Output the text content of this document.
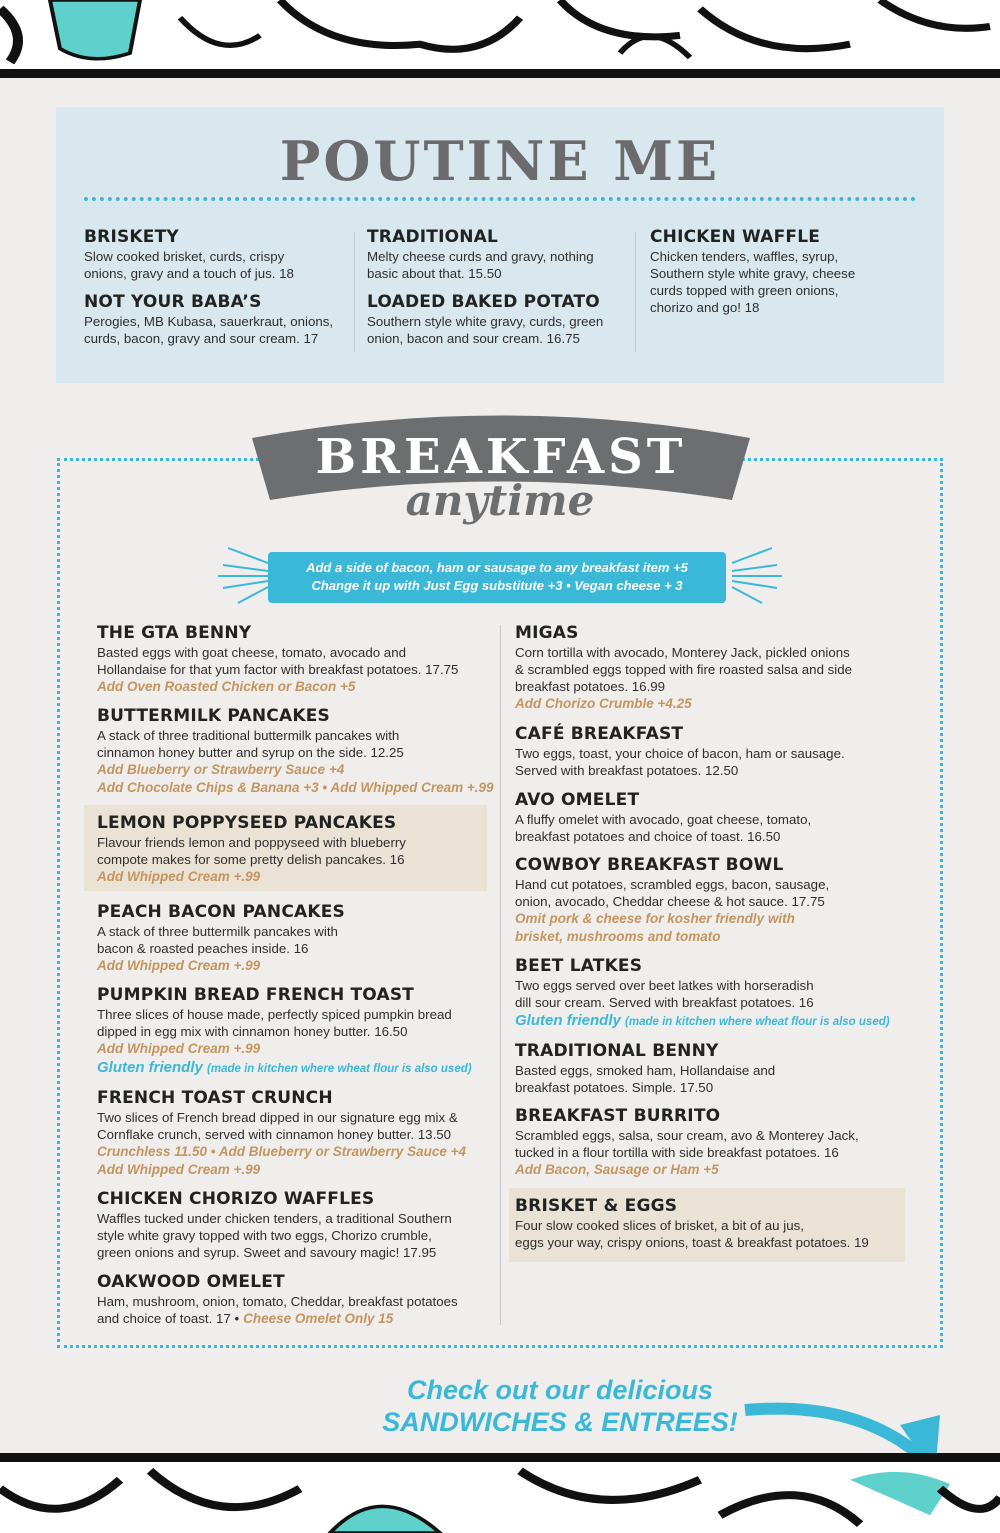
POUTINE ME
BRISKETY
Slow cooked brisket, curds, crispy
onions, gravy and a touch of jus. 18
NOT YOUR BABA’S
Perogies, MB Kubasa, sauerkraut, onions,
curds, bacon, gravy and sour cream. 17
TRADITIONAL
Melty cheese curds and gravy, nothing
basic about that. 15.50
LOADED BAKED POTATO
Southern style white gravy, curds, green
onion, bacon and sour cream. 16.75
CHICKEN WAFFLE
Chicken tenders, waffles, syrup,
Southern style white gravy, cheese
curds topped with green onions,
chorizo and go! 18
BREAKFAST
anytime
Add a side of bacon, ham or sausage to any breakfast item +5
Change it up with Just Egg substitute +3 • Vegan cheese + 3
THE GTA BENNY
Basted eggs with goat cheese, tomato, avocado and
Hollandaise for that yum factor with breakfast potatoes. 17.75
Add Oven Roasted Chicken or Bacon +5
BUTTERMILK PANCAKES
A stack of three traditional buttermilk pancakes with
cinnamon honey butter and syrup on the side. 12.25
Add Blueberry or Strawberry Sauce +4
Add Chocolate Chips & Banana +3 • Add Whipped Cream +.99
LEMON POPPYSEED PANCAKES
Flavour friends lemon and poppyseed with blueberry
compote makes for some pretty delish pancakes. 16
Add Whipped Cream +.99
PEACH BACON PANCAKES
A stack of three buttermilk pancakes with
bacon & roasted peaches inside. 16
Add Whipped Cream +.99
PUMPKIN BREAD FRENCH TOAST
Three slices of house made, perfectly spiced pumpkin bread
dipped in egg mix with cinnamon honey butter. 16.50
Add Whipped Cream +.99
Gluten friendly (made in kitchen where wheat flour is also used)
FRENCH TOAST CRUNCH
Two slices of French bread dipped in our signature egg mix &
Cornflake crunch, served with cinnamon honey butter. 13.50
Crunchless 11.50 • Add Blueberry or Strawberry Sauce +4
Add Whipped Cream +.99
CHICKEN CHORIZO WAFFLES
Waffles tucked under chicken tenders, a traditional Southern
style white gravy topped with two eggs, Chorizo crumble,
green onions and syrup. Sweet and savoury magic! 17.95
OAKWOOD OMELET
Ham, mushroom, onion, tomato, Cheddar, breakfast potatoes
and choice of toast. 17 • Cheese Omelet Only 15
MIGAS
Corn tortilla with avocado, Monterey Jack, pickled onions
& scrambled eggs topped with fire roasted salsa and side
breakfast potatoes. 16.99
Add Chorizo Crumble +4.25
CAFÉ BREAKFAST
Two eggs, toast, your choice of bacon, ham or sausage.
Served with breakfast potatoes. 12.50
AVO OMELET
A fluffy omelet with avocado, goat cheese, tomato,
breakfast potatoes and choice of toast. 16.50
COWBOY BREAKFAST BOWL
Hand cut potatoes, scrambled eggs, bacon, sausage,
onion, avocado, Cheddar cheese & hot sauce. 17.75
Omit pork & cheese for kosher friendly with
brisket, mushrooms and tomato
BEET LATKES
Two eggs served over beet latkes with horseradish
dill sour cream. Served with breakfast potatoes. 16
Gluten friendly (made in kitchen where wheat flour is also used)
TRADITIONAL BENNY
Basted eggs, smoked ham, Hollandaise and
breakfast potatoes. Simple. 17.50
BREAKFAST BURRITO
Scrambled eggs, salsa, sour cream, avo & Monterey Jack,
tucked in a flour tortilla with side breakfast potatoes. 16
Add Bacon, Sausage or Ham +5
BRISKET & EGGS
Four slow cooked slices of brisket, a bit of au jus,
eggs your way, crispy onions, toast & breakfast potatoes. 19
Check out our delicious
SANDWICHES & ENTREES!
